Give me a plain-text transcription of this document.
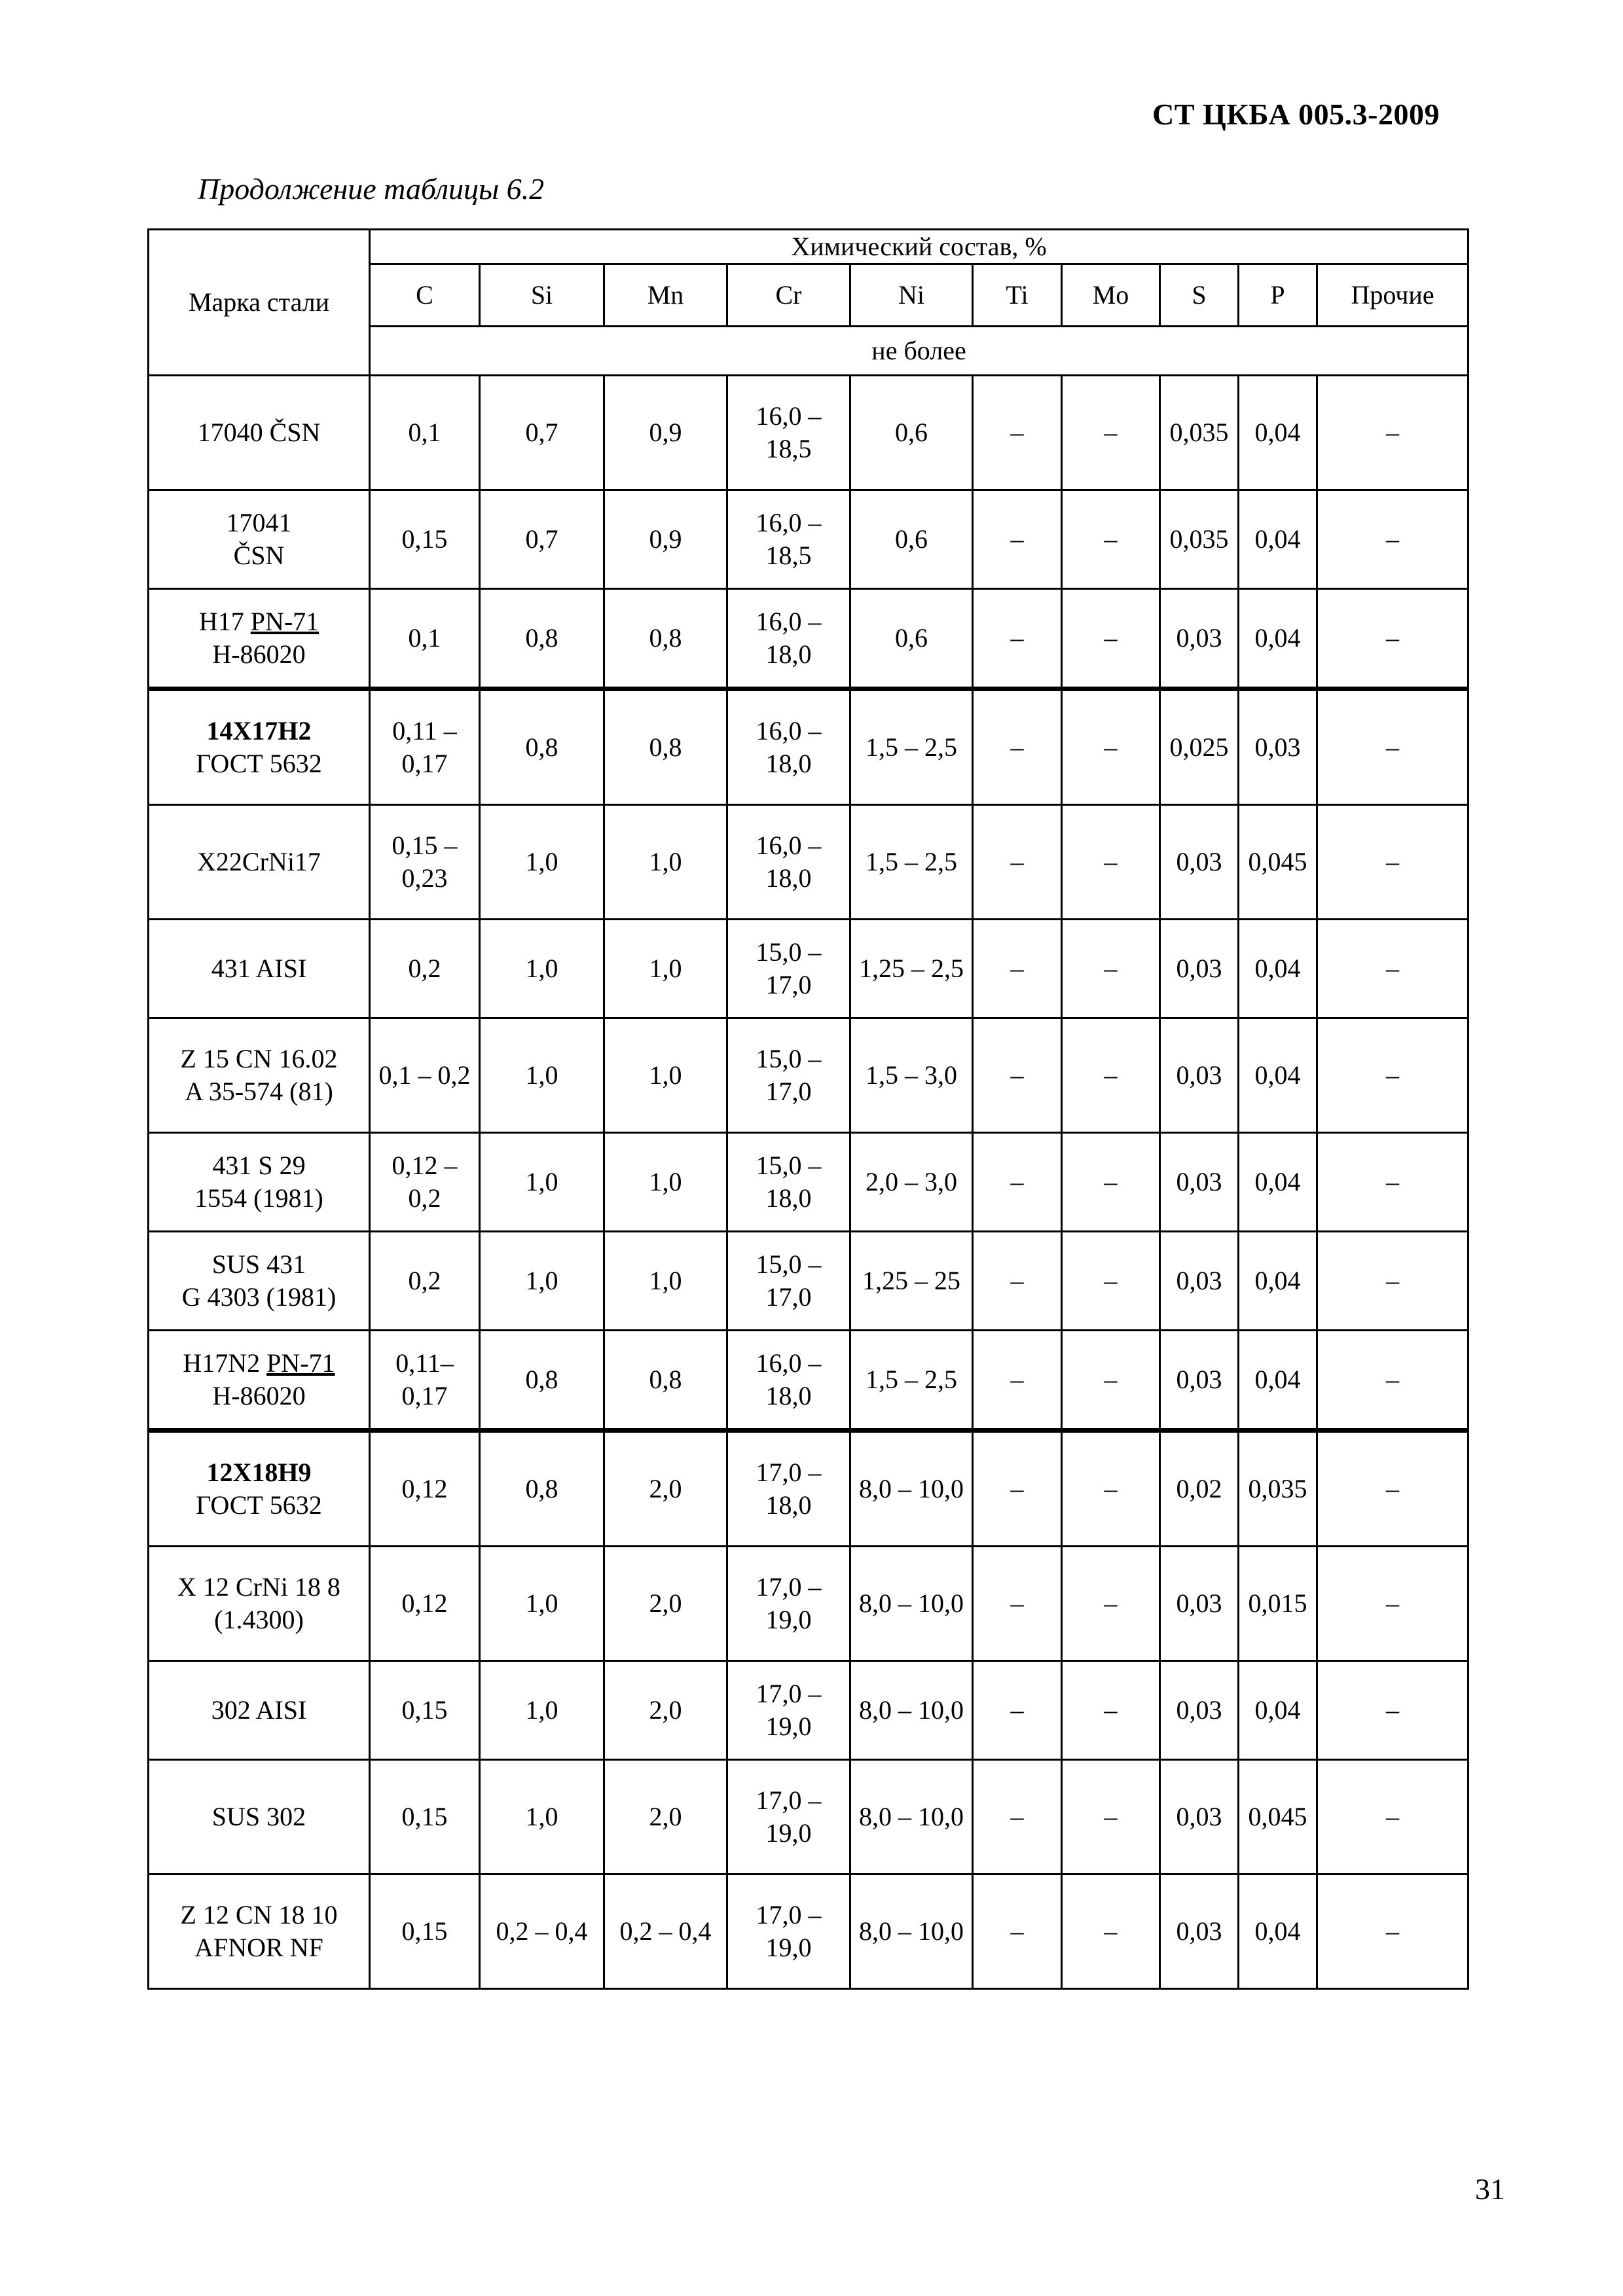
СТ ЦКБА 005.3-2009
Продолжение таблицы 6.2
Марка стали	Химический состав, %									
	C	Si	Mn	Cr	Ni	Ti	Mo	S	P	Прочие
	не более									

17040 ČSN	0,1	0,7	0,9	16,0 – 18,5	0,6	–	–	0,035	0,04	–

17041
ČSN	0,15	0,7	0,9	16,0 – 18,5	0,6	–	–	0,035	0,04	–

H17 PN-71
H-86020	0,1	0,8	0,8	16,0 – 18,0	0,6	–	–	0,03	0,04	–

14Х17Н2
ГОСТ 5632	0,11 – 0,17	0,8	0,8	16,0 – 18,0	1,5 – 2,5	–	–	0,025	0,03	–

X22CrNi17	0,15 – 0,23	1,0	1,0	16,0 – 18,0	1,5 – 2,5	–	–	0,03	0,045	–

431 AISI	0,2	1,0	1,0	15,0 – 17,0	1,25 – 2,5	–	–	0,03	0,04	–

Z 15 CN 16.02
A 35-574 (81)	0,1 – 0,2	1,0	1,0	15,0 – 17,0	1,5 – 3,0	–	–	0,03	0,04	–

431 S 29
1554 (1981)	0,12 – 0,2	1,0	1,0	15,0 – 18,0	2,0 – 3,0	–	–	0,03	0,04	–

SUS 431
G 4303 (1981)	0,2	1,0	1,0	15,0 – 17,0	1,25 – 25	–	–	0,03	0,04	–

H17N2 PN-71
H-86020	0,11– 0,17	0,8	0,8	16,0 – 18,0	1,5 – 2,5	–	–	0,03	0,04	–

12Х18Н9
ГОСТ 5632	0,12	0,8	2,0	17,0 – 18,0	8,0 – 10,0	–	–	0,02	0,035	–

X 12 CrNi 18 8
(1.4300)	0,12	1,0	2,0	17,0 – 19,0	8,0 – 10,0	–	–	0,03	0,015	–

302 AISI	0,15	1,0	2,0	17,0 – 19,0	8,0 – 10,0	–	–	0,03	0,04	–

SUS 302	0,15	1,0	2,0	17,0 – 19,0	8,0 – 10,0	–	–	0,03	0,045	–

Z 12 CN 18 10
AFNOR NF	0,15	0,2 – 0,4	0,2 – 0,4	17,0 – 19,0	8,0 – 10,0	–	–	0,03	0,04	–
31
